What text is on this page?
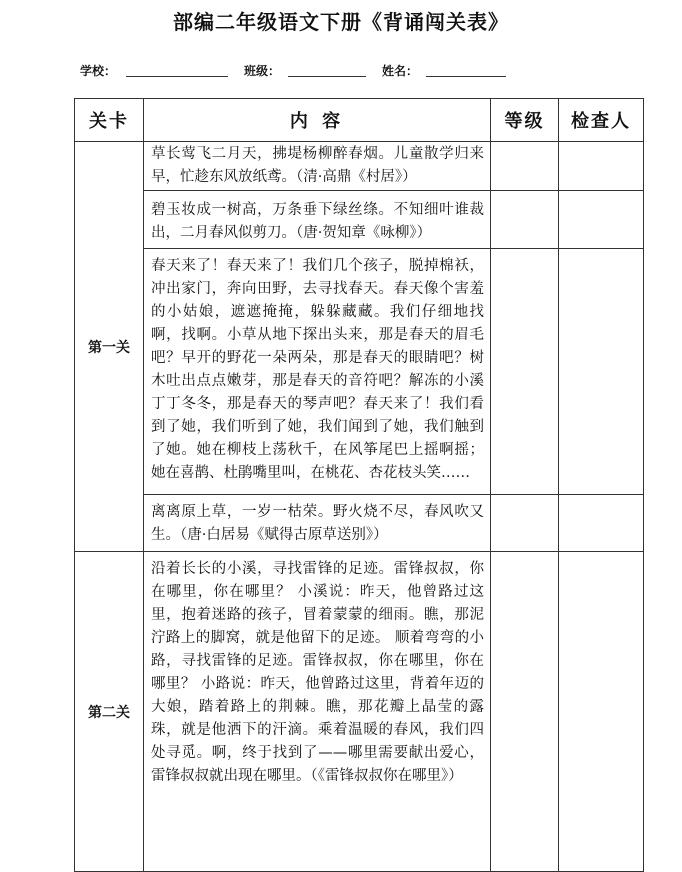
部编二年级语文下册《背诵闯关表》
学校：	班级：	姓名：
关卡	内 容	等级	检查人
第一关	草长莺飞二月天，拂堤杨柳醉春烟。儿童散学归来早，忙趁东风放纸鸢。（清·高鼎《村居》）		
	碧玉妆成一树高，万条垂下绿丝绦。不知细叶谁裁出，二月春风似剪刀。（唐·贺知章《咏柳》）		
	春天来了！春天来了！我们几个孩子，脱掉棉袄，冲出家门，奔向田野，去寻找春天。春天像个害羞的小姑娘，遮遮掩掩，躲躲藏藏。我们仔细地找啊，找啊。小草从地下探出头来，那是春天的眉毛吧？早开的野花一朵两朵，那是春天的眼睛吧？树木吐出点点嫩芽，那是春天的音符吧？解冻的小溪丁丁冬冬，那是春天的琴声吧？春天来了！我们看到了她，我们听到了她，我们闻到了她，我们触到了她。她在柳枝上荡秋千，在风筝尾巴上摇啊摇；她在喜鹊、杜鹃嘴里叫，在桃花、杏花枝头笑……		
	离离原上草，一岁一枯荣。野火烧不尽，春风吹又生。（唐·白居易《赋得古原草送别》）		
第二关	沿着长长的小溪，寻找雷锋的足迹。雷锋叔叔，你在哪里，你在哪里？ 小溪说：昨天，他曾路过这里，抱着迷路的孩子，冒着蒙蒙的细雨。瞧，那泥泞路上的脚窝，就是他留下的足迹。 顺着弯弯的小路，寻找雷锋的足迹。雷锋叔叔，你在哪里，你在哪里？ 小路说：昨天，他曾路过这里，背着年迈的大娘，踏着路上的荆棘。瞧，那花瓣上晶莹的露珠，就是他洒下的汗滴。乘着温暖的春风，我们四处寻觅。啊，终于找到了——哪里需要献出爱心，雷锋叔叔就出现在哪里。（《雷锋叔叔你在哪里》）		
